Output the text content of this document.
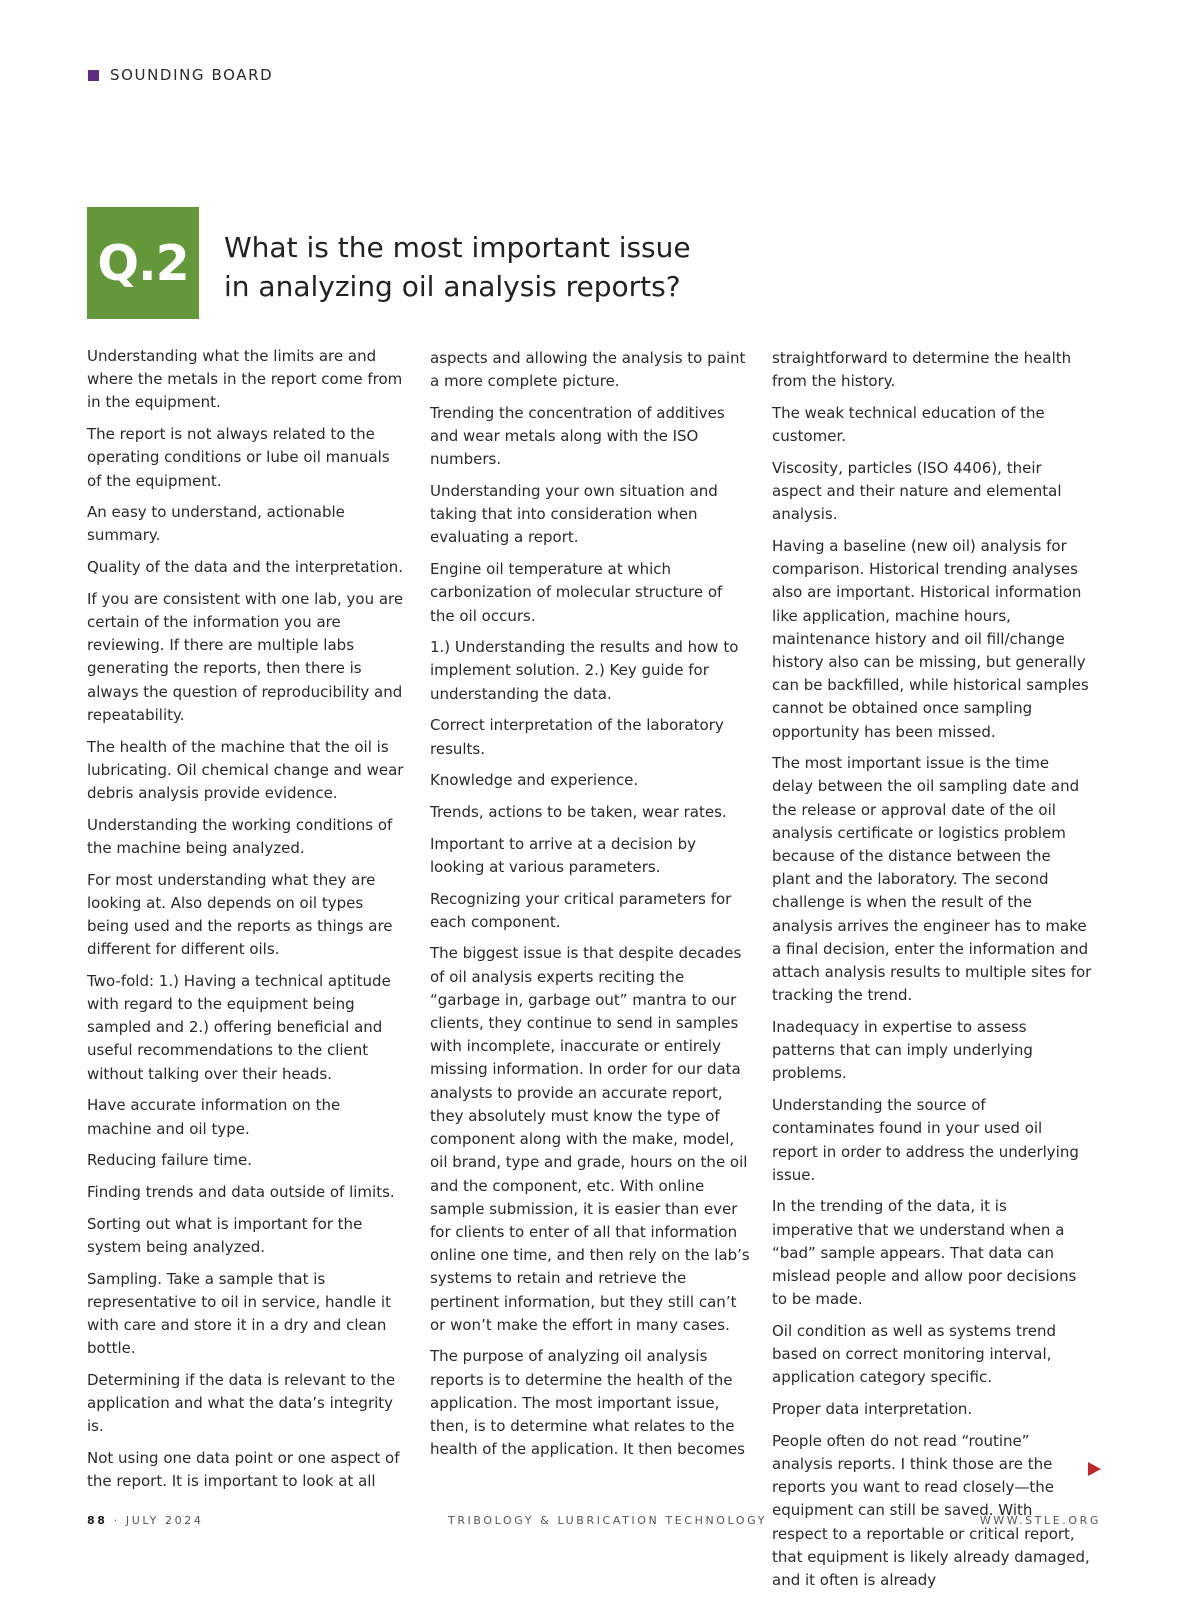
SOUNDING BOARD
Q.2	What is the most important issue
in analyzing oil analysis reports?

Understanding what the limits are and where the metals in the report come from in the equipment.

The report is not always related to the operating conditions or lube oil manuals of the equipment.

An easy to understand, actionable summary.

Quality of the data and the interpretation.

If you are consistent with one lab, you are certain of the information you are reviewing. If there are multiple labs generating the reports, then there is always the question of reproducibility and repeatability.

The health of the machine that the oil is lubricating. Oil chemical change and wear debris analysis provide evidence.

Understanding the working conditions of the machine being analyzed.

For most understanding what they are looking at. Also depends on oil types being used and the reports as things are different for different oils.

Two-fold: 1.) Having a technical aptitude with regard to the equipment being sampled and 2.) offering beneficial and useful recommendations to the client without talking over their heads.

Have accurate information on the machine and oil type.

Reducing failure time.

Finding trends and data outside of limits.

Sorting out what is important for the system being analyzed.

Sampling. Take a sample that is representative to oil in service, handle it with care and store it in a dry and clean bottle.

Determining if the data is relevant to the application and what the data’s integrity is.

Not using one data point or one aspect of the report. It is important to look at all

aspects and allowing the analysis to paint a more complete picture.

Trending the concentration of additives and wear metals along with the ISO numbers.

Understanding your own situation and taking that into consideration when evaluating a report.

Engine oil temperature at which carbonization of molecular structure of the oil occurs.

1.) Understanding the results and how to implement solution. 2.) Key guide for understanding the data.

Correct interpretation of the laboratory results.

Knowledge and experience.

Trends, actions to be taken, wear rates.

Important to arrive at a decision by looking at various parameters.

Recognizing your critical parameters for each component.

The biggest issue is that despite decades of oil analysis experts reciting the “garbage in, garbage out” mantra to our clients, they continue to send in samples with incomplete, inaccurate or entirely missing information. In order for our data analysts to provide an accurate report, they absolutely must know the type of component along with the make, model, oil brand, type and grade, hours on the oil and the component, etc. With online sample submission, it is easier than ever for clients to enter of all that information online one time, and then rely on the lab’s systems to retain and retrieve the pertinent information, but they still can’t or won’t make the effort in many cases.

The purpose of analyzing oil analysis reports is to determine the health of the application. The most important issue, then, is to determine what relates to the health of the application. It then becomes

straightforward to determine the health from the history.

The weak technical education of the customer.

Viscosity, particles (ISO 4406), their aspect and their nature and elemental analysis.

Having a baseline (new oil) analysis for comparison. Historical trending analyses also are important. Historical information like application, machine hours, maintenance history and oil fill/change history also can be missing, but generally can be backfilled, while historical samples cannot be obtained once sampling opportunity has been missed.

The most important issue is the time delay between the oil sampling date and the release or approval date of the oil analysis certificate or logistics problem because of the distance between the plant and the laboratory. The second challenge is when the result of the analysis arrives the engineer has to make a final decision, enter the information and attach analysis results to multiple sites for tracking the trend.

Inadequacy in expertise to assess patterns that can imply underlying problems.

Understanding the source of contaminates found in your used oil report in order to address the underlying issue.

In the trending of the data, it is imperative that we understand when a “bad” sample appears. That data can mislead people and allow poor decisions to be made.

Oil condition as well as systems trend based on correct monitoring interval, application category specific.

Proper data interpretation.

People often do not read “routine” analysis reports. I think those are the reports you want to read closely—the equipment can still be saved. With respect to a reportable or critical report, that equipment is likely already damaged, and it often is already

88 · JULY 2024	TRIBOLOGY & LUBRICATION TECHNOLOGY	WWW.STLE.ORG
